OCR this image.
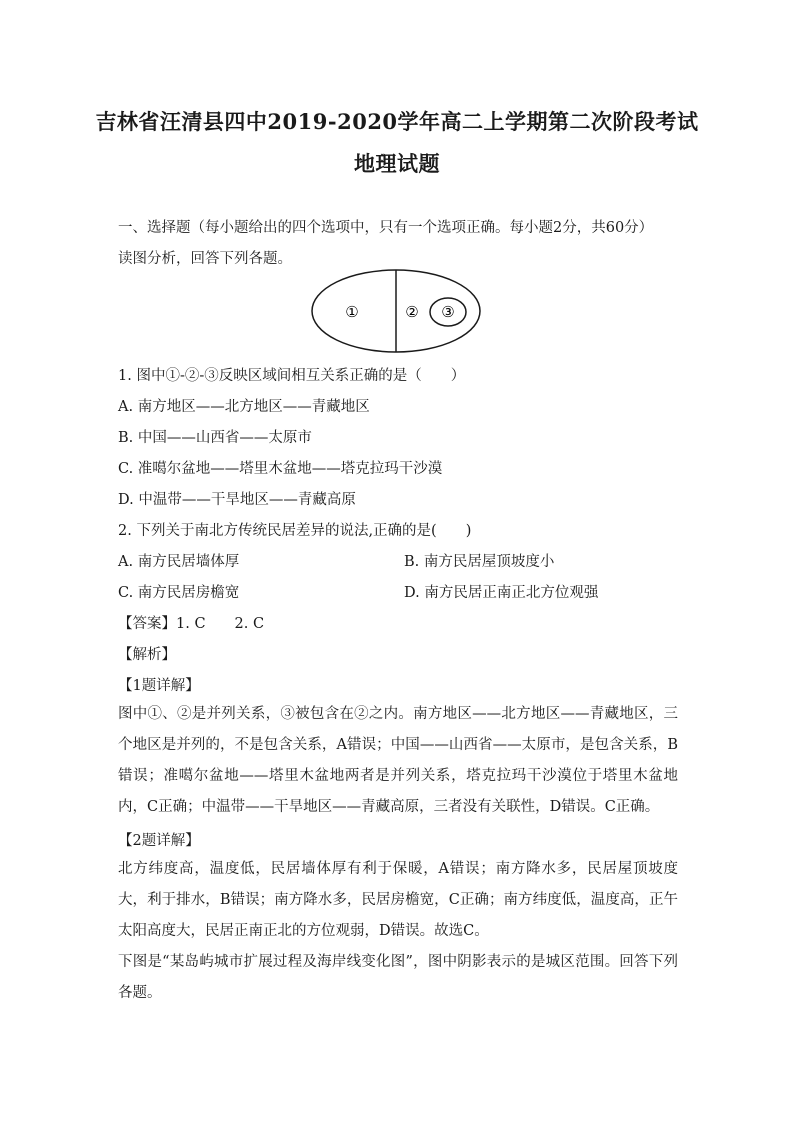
吉林省汪清县四中2019-2020学年高二上学期第二次阶段考试
地理试题
一、选择题（每小题给出的四个选项中，只有一个选项正确。每小题2分，共60分）
读图分析，回答下列各题。
①	② ③
1. 图中①-②-③反映区域间相互关系正确的是（　　）
A. 南方地区——北方地区——青藏地区
B. 中国——山西省——太原市
C. 准噶尔盆地——塔里木盆地——塔克拉玛干沙漠
D. 中温带——干旱地区——青藏高原
2. 下列关于南北方传统民居差异的说法,正确的是(　　)
A. 南方民居墙体厚	B. 南方民居屋顶坡度小
C. 南方民居房檐宽	D. 南方民居正南正北方位观强
【答案】1. C　　2. C
【解析】
【1题详解】
图中①、②是并列关系，③被包含在②之内。南方地区——北方地区——青藏地区，三个地区是并列的，不是包含关系，A错误；中国——山西省——太原市，是包含关系，B错误；准噶尔盆地——塔里木盆地两者是并列关系，塔克拉玛干沙漠位于塔里木盆地内，C正确；中温带——干旱地区——青藏高原，三者没有关联性，D错误。C正确。
【2题详解】
北方纬度高，温度低，民居墙体厚有利于保暖，A错误；南方降水多，民居屋顶坡度大，利于排水，B错误；南方降水多，民居房檐宽，C正确；南方纬度低，温度高，正午太阳高度大，民居正南正北的方位观弱，D错误。故选C。
下图是“某岛屿城市扩展过程及海岸线变化图”，图中阴影表示的是城区范围。回答下列各题。
